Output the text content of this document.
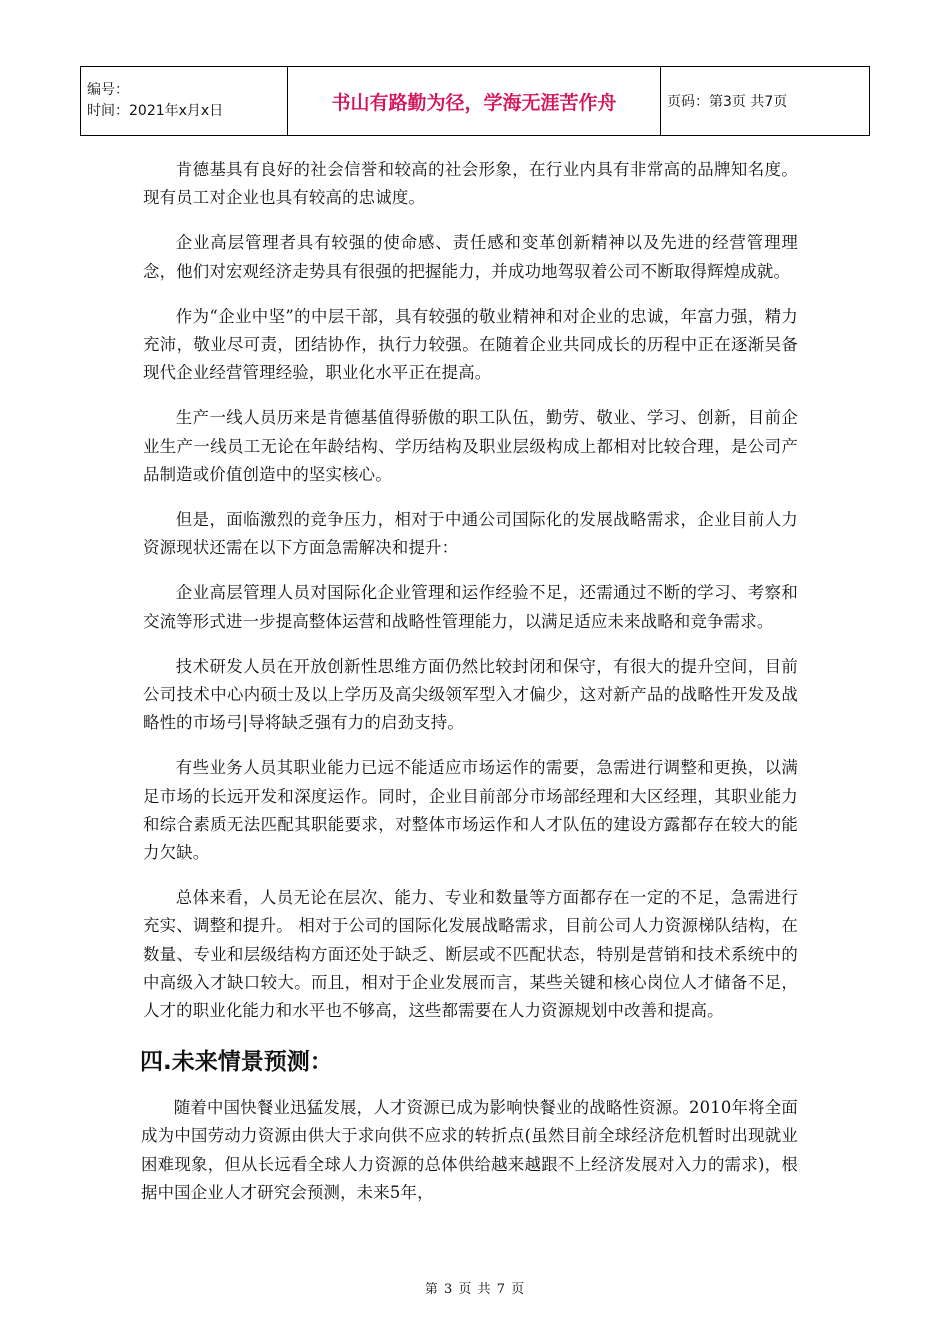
编号：
时间：2021年x月x日	书山有路勤为径，学海无涯苦作舟	页码：第3页 共7页

肯德基具有良好的社会信誉和较高的社会形象，在行业内具有非常高的品牌知名度。现有员工对企业也具有较高的忠诚度。

企业高层管理者具有较强的使命感、责任感和变革创新精神以及先进的经营管理理念，他们对宏观经济走势具有很强的把握能力，并成功地驾驭着公司不断取得辉煌成就。

作为“企业中坚”的中层干部，具有较强的敬业精神和对企业的忠诚，年富力强，精力充沛，敬业尽可责，团结协作，执行力较强。在随着企业共同成长的历程中正在逐渐吴备现代企业经营管理经验，职业化水平正在提高。

生产一线人员历来是肯德基值得骄傲的职工队伍，勤劳、敬业、学习、创新，目前企业生产一线员工无论在年龄结构、学历结构及职业层级构成上都相对比较合理，是公司产品制造或价值创造中的坚实核心。

但是，面临激烈的竞争压力，相对于中通公司国际化的发展战略需求，企业目前人力资源现状还需在以下方面急需解决和提升：

企业高层管理人员对国际化企业管理和运作经验不足，还需通过不断的学习、考察和交流等形式进一步提高整体运营和战略性管理能力，以满足适应未来战略和竞争需求。

技术研发人员在开放创新性思维方面仍然比较封闭和保守，有很大的提升空间，目前公司技术中心内硕士及以上学历及高尖级领军型入才偏少，这对新产品的战略性开发及战略性的市场弓|导将缺乏强有力的启劲支持。

有些业务人员其职业能力已远不能适应市场运作的需要，急需进行调整和更换，以满足市场的长远开发和深度运作。同时，企业目前部分市场部经理和大区经理，其职业能力和综合素质无法匹配其职能要求，对整体市场运作和人才队伍的建设方露都存在较大的能力欠缺。

总体来看，人员无论在层次、能力、专业和数量等方面都存在一定的不足，急需进行充实、调整和提升。 相对于公司的国际化发展战略需求，目前公司人力资源梯队结构，在数量、专业和层级结构方面还处于缺乏、断层或不匹配状态，特别是营销和技术系统中的中高级入才缺口较大。而且，相对于企业发展而言，某些关键和核心岗位人才储备不足，人才的职业化能力和水平也不够高，这些都需要在人力资源规划中改善和提高。

四.未来情景预测：

随着中国快餐业迅猛发展，人才资源已成为影响快餐业的战略性资源。2010年将全面成为中国劳动力资源由供大于求向供不应求的转折点(虽然目前全球经济危机暂时出现就业困难现象，但从长远看全球人力资源的总体供给越来越跟不上经济发展对入力的需求)，根据中国企业人才研究会预测，未来5年，

第 3 页 共 7 页
